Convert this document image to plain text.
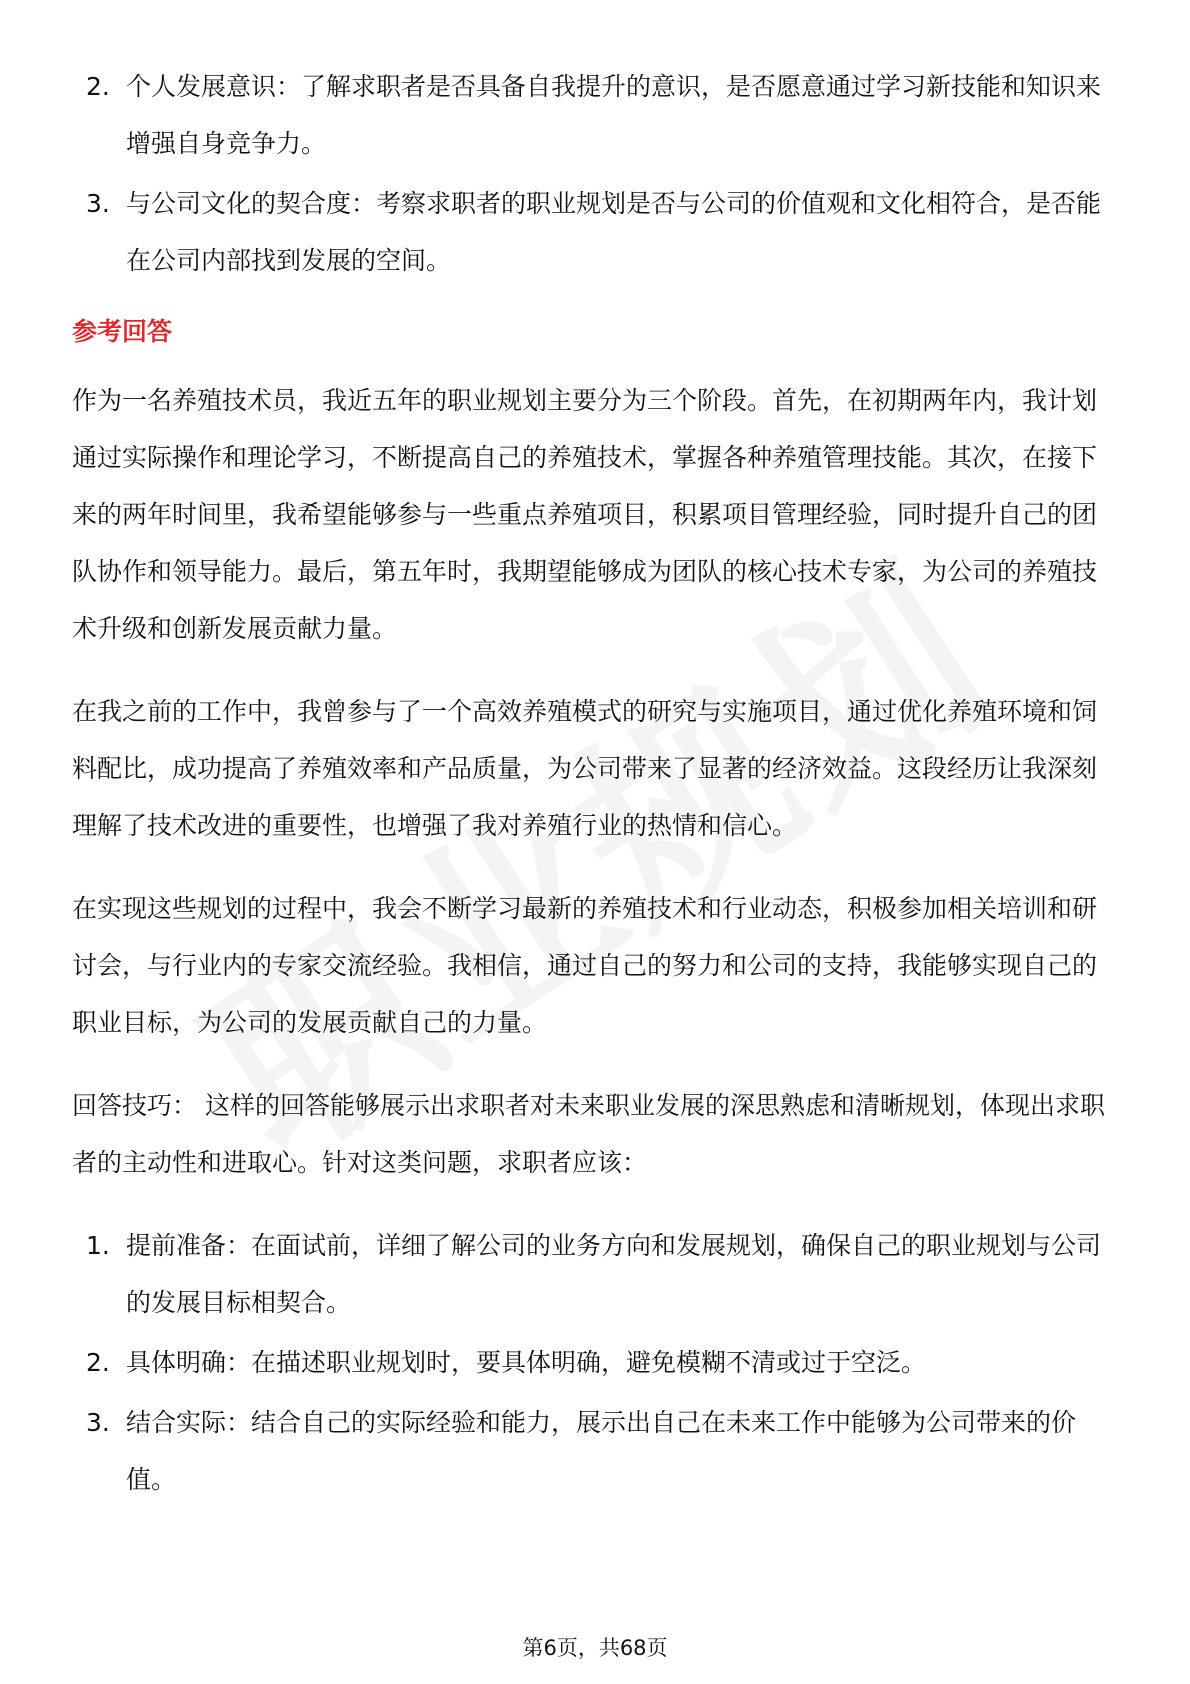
2. 个人发展意识：了解求职者是否具备自我提升的意识，是否愿意通过学习新技能和知识来增强自身竞争力。
3. 与公司文化的契合度：考察求职者的职业规划是否与公司的价值观和文化相符合，是否能在公司内部找到发展的空间。
参考回答

作为一名养殖技术员，我近五年的职业规划主要分为三个阶段。首先，在初期两年内，我计划通过实际操作和理论学习，不断提高自己的养殖技术，掌握各种养殖管理技能。其次，在接下来的两年时间里，我希望能够参与一些重点养殖项目，积累项目管理经验，同时提升自己的团队协作和领导能力。最后，第五年时，我期望能够成为团队的核心技术专家，为公司的养殖技术升级和创新发展贡献力量。

在我之前的工作中，我曾参与了一个高效养殖模式的研究与实施项目，通过优化养殖环境和饲料配比，成功提高了养殖效率和产品质量，为公司带来了显著的经济效益。这段经历让我深刻理解了技术改进的重要性，也增强了我对养殖行业的热情和信心。

在实现这些规划的过程中，我会不断学习最新的养殖技术和行业动态，积极参加相关培训和研讨会，与行业内的专家交流经验。我相信，通过自己的努力和公司的支持，我能够实现自己的职业目标，为公司的发展贡献自己的力量。

回答技巧： 这样的回答能够展示出求职者对未来职业发展的深思熟虑和清晰规划，体现出求职者的主动性和进取心。针对这类问题，求职者应该：

1. 提前准备：在面试前，详细了解公司的业务方向和发展规划，确保自己的职业规划与公司的发展目标相契合。
2. 具体明确：在描述职业规划时，要具体明确，避免模糊不清或过于空泛。
3. 结合实际：结合自己的实际经验和能力，展示出自己在未来工作中能够为公司带来的价值。
第6页，共68页
